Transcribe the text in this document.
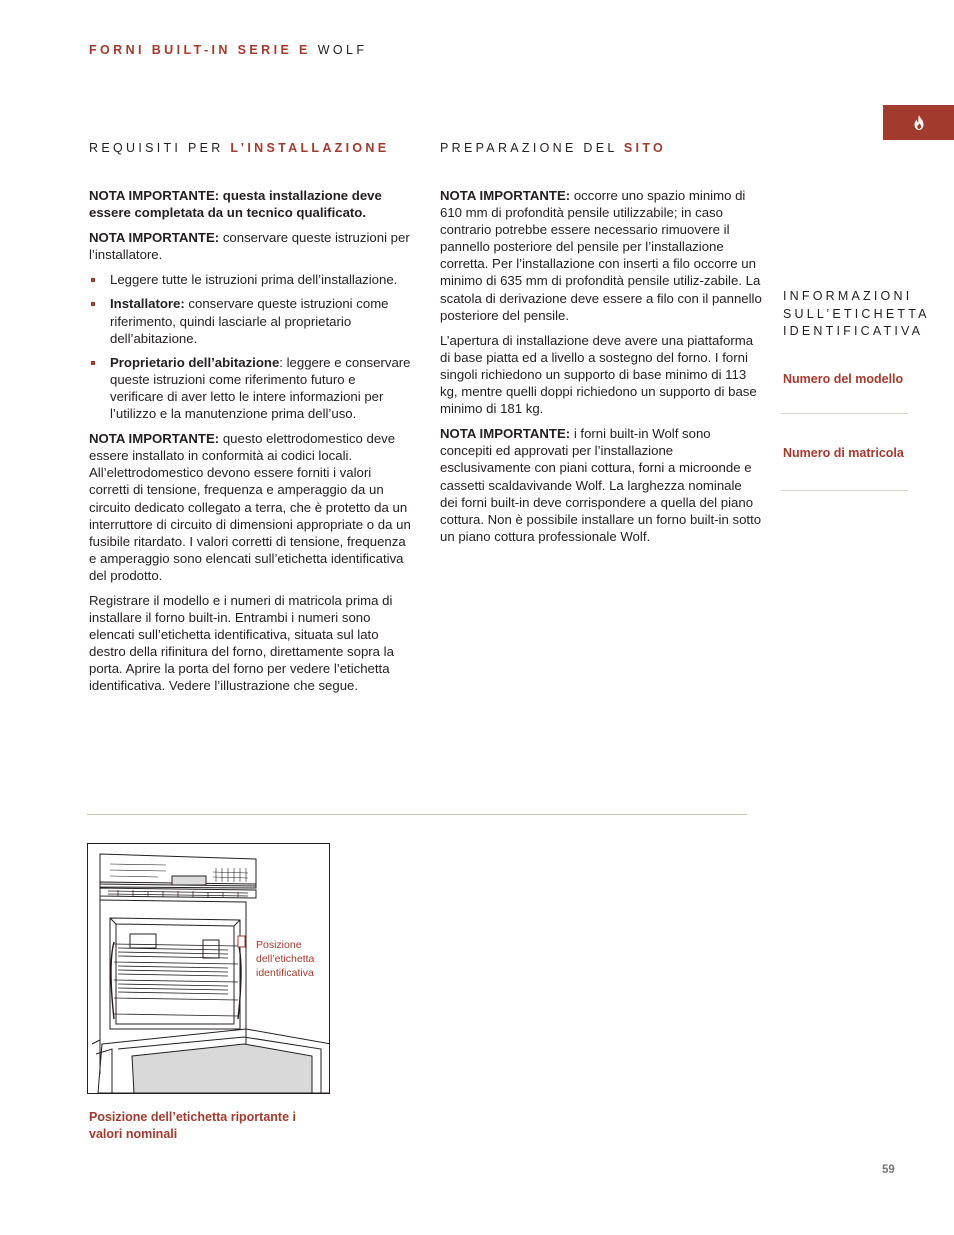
FORNI BUILT-IN SERIE E WOLF
REQUISITI PER L’INSTALLAZIONE

NOTA IMPORTANTE: questa installazione deve essere completata da un tecnico qualificato.

NOTA IMPORTANTE: conservare queste istruzioni per l’installatore.

Leggere tutte le istruzioni prima dell’installazione.
Installatore: conservare queste istruzioni come riferimento, quindi lasciarle al proprietario dell’abitazione.
Proprietario dell’abitazione: leggere e conservare queste istruzioni come riferimento futuro e verificare di aver letto le intere informazioni per l’utilizzo e la manutenzione prima dell’uso.

NOTA IMPORTANTE: questo elettrodomestico deve essere installato in conformità ai codici locali. All’elettrodomestico devono essere forniti i valori corretti di tensione, frequenza e amperaggio da un circuito dedicato collegato a terra, che è protetto da un interruttore di circuito di dimensioni appropriate o da un fusibile ritardato. I valori corretti di tensione, frequenza e amperaggio sono elencati sull’etichetta identificativa del prodotto.

Registrare il modello e i numeri di matricola prima di installare il forno built-in. Entrambi i numeri sono elencati sull’etichetta identificativa, situata sul lato destro della rifinitura del forno, direttamente sopra la porta. Aprire la porta del forno per vedere l’etichetta identificativa. Vedere l’illustrazione che segue.

PREPARAZIONE DEL SITO

NOTA IMPORTANTE: occorre uno spazio minimo di 610 mm di profondità pensile utilizzabile; in caso contrario potrebbe essere necessario rimuovere il pannello posteriore del pensile per l’installazione corretta. Per l’installazione con inserti a filo occorre un minimo di 635 mm di profondità pensile utiliz-zabile. La scatola di derivazione deve essere a filo con il pannello posteriore del pensile.

L’apertura di installazione deve avere una piattaforma di base piatta ed a livello a sostegno del forno. I forni singoli richiedono un supporto di base minimo di 113 kg, mentre quelli doppi richiedono un supporto di base minimo di 181 kg.

NOTA IMPORTANTE: i forni built-in Wolf sono concepiti ed approvati per l’installazione esclusivamente con piani cottura, forni a microonde e cassetti scaldavivande Wolf. La larghezza nominale dei forni built-in deve corrispondere a quella del piano cottura. Non è possibile installare un forno built-in sotto un piano cottura professionale Wolf.

INFORMAZIONI
SULL’ETICHETTA
IDENTIFICATIVA
Numero del modello
Numero di matricola
Posizione
dell’etichetta
identificativa
Posizione dell’etichetta riportante i valori nominali
59
